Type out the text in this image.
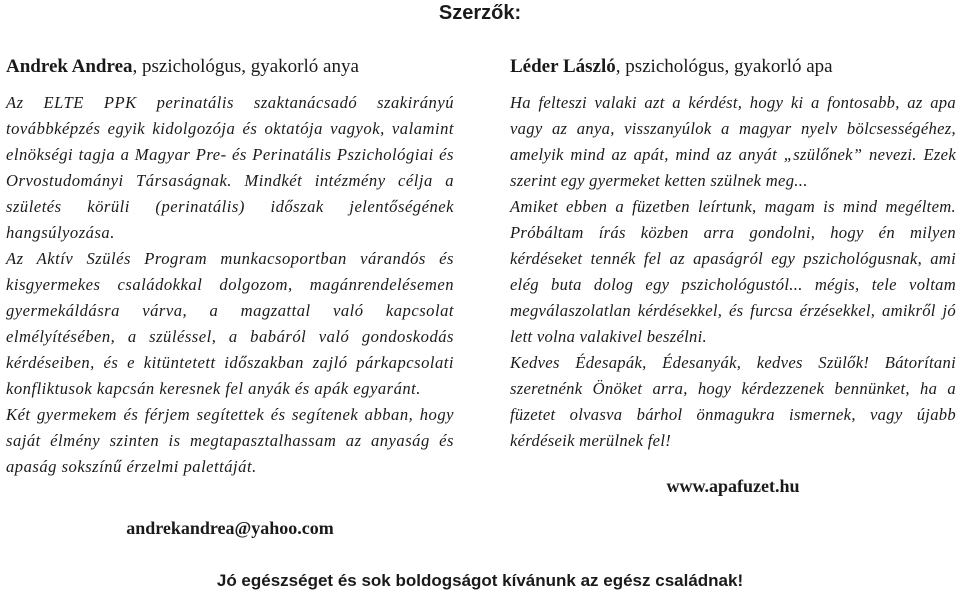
Szerzők:
Andrek Andrea, pszichológus, gyakorló anya

Az ELTE PPK perinatális szaktanácsadó szakirányú továbbképzés egyik kidolgozója és oktatója vagyok, valamint elnökségi tagja a Magyar Pre- és Perinatális Pszichológiai és Orvostudományi Társaságnak. Mindkét intézmény célja a születés körüli (perinatális) időszak jelentőségének hangsúlyozása.

Az Aktív Szülés Program munkacsoportban várandós és kisgyermekes családokkal dolgozom, magánrendelésemen gyermekáldásra várva, a magzattal való kapcsolat elmélyítésében, a szüléssel, a babáról való gondoskodás kérdéseiben, és e kitüntetett időszakban zajló párkapcsolati konfliktusok kapcsán keresnek fel anyák és apák egyaránt.

Két gyermekem és férjem segítettek és segítenek abban, hogy saját élmény szinten is megtapasztalhassam az anyaság és apaság sokszínű érzelmi palettáját.

andrekandrea@yahoo.com
Léder László, pszichológus, gyakorló apa

Ha felteszi valaki azt a kérdést, hogy ki a fontosabb, az apa vagy az anya, visszanyúlok a magyar nyelv bölcsességéhez, amelyik mind az apát, mind az anyát „szülőnek” nevezi. Ezek szerint egy gyermeket ketten szülnek meg...

Amiket ebben a füzetben leírtunk, magam is mind megéltem. Próbáltam írás közben arra gondolni, hogy én milyen kérdéseket tennék fel az apaságról egy pszichológusnak, ami elég buta dolog egy pszichológustól... mégis, tele voltam megválaszolatlan kérdésekkel, és furcsa érzésekkel, amikről jó lett volna valakivel beszélni.

Kedves Édesapák, Édesanyák, kedves Szülők! Bátorítani szeretnénk Önöket arra, hogy kérdezzenek bennünket, ha a füzetet olvasva bárhol önmagukra ismernek, vagy újabb kérdéseik merülnek fel!

www.apafuzet.hu
Jó egészséget és sok boldogságot kívánunk az egész családnak!
